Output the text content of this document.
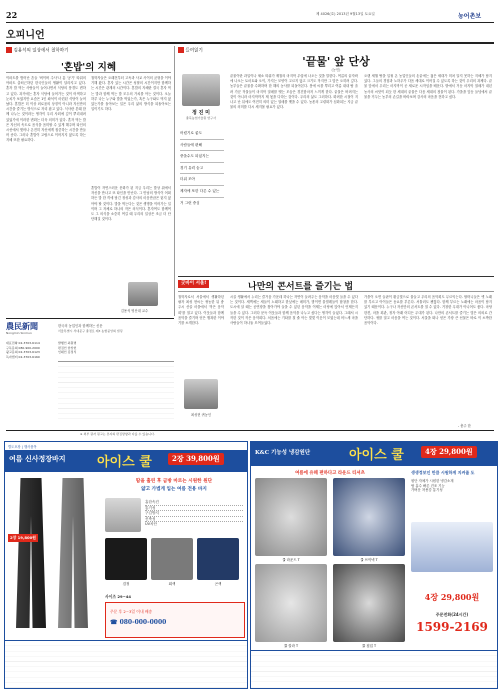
22	제 4026(호) 2013년 9월13일 토요일	농어촌보
오피니언
김용석의 일상에서 철학하기
'혼밥'의 지혜
이파트를 벗어난 흔들 '버이버 주사'나 흩 '공기' 따위의 아파트 출퇴근하던 한국인들의 생활이 달라지고 있다. 혼자 밥 먹는 사람들이 늘어나면서 식당의 풍경도 변하고 있다. 과거에는 혼자 식당에 들어가는 것이 어색하고 눈치가 보였지만 요즘은 1인 좌석이 마련된 식당이 늘어났다. 혼밥은 더 이상 외로움의 상징이 아니라 자신만의 시간을 즐기는 방식으로 자리 잡고 있다. 식사란 본래 함께 나누는 것이라는 생각이 우리 사회에 깊이 뿌리내려 있었기에 이러한 변화는 더욱 의미가 있다. 혼자 먹는 밥은 자신의 속도로 음식을 음미할 수 있게 해주며 타인의 시선에서 벗어나 온전히 자신에게 집중하는 시간을 만들어 준다. 그러나 혼밥이 고립으로 이어지지 않도록 하는 지혜 또한 필요하다.
철학자들은 오래전부터 고독과 사교 사이의 균형을 이야기해 왔다. 혼자 있는 시간은 성찰의 시간이지만 함께하는 시간은 관계의 시간이다. 혼밥의 지혜란 결국 혼자 먹는 밥과 함께 먹는 밥 모두의 가치를 아는 것이다. 오늘 하루 나는 누구와 밥을 먹었는가, 혹은 누구와도 먹지 않았는가를 돌아보는 일은 우리 삶의 방식을 되돌아보는 일이기도 하다.
혼밥이 자연스러운 문화가 된 지금 우리는 밥상 위에서 자신을 만나고 또 타인을 만난다. 그 만남의 방식이 어떠하든 밥 한 끼에 담긴 정성과 감사의 마음만큼은 잃지 않아야 할 것이다. 밥을 먹는다는 것은 생명을 이어가는 일이며 그 자체로 하나의 작은 의식이다. 혼자여도 함께여도 그 의식을 소중히 여길 때 우리의 일상은 조금 더 단단해질 것이다.
김용석 영산대 교수
들여읽기
'끝물' 앞 단상
(농민)
정 진 미
충북농업기술원 연구사
어렸기로 좋도
사람들에 편해
중을수도 되었지는
경기 유력 숨고
더위 모아
제자에 또한 다른 수 있는
거 그런 중심
끝물이란 과일이나 채소 따위가 제철의 마지막 무렵에 나오는 것을 말한다. 여름의 끝자락에 나오는 토마토와 오이, 가지는 모양이 고르지 않고 크기도 작지만 그 맛은 오히려 깊다. 농부들은 끝물을 수확하며 한 해의 농사를 되돌아본다. 봄에 씨를 뿌리고 여름 내내 땀 흘려 가꾼 작물들이 마지막 열매를 맺는 모습은 경건함마저 느끼게 한다. 끝물은 버려지는 것이 아니라 마지막까지 제 몫을 다하는 것이다. 우리의 삶도 그러하다. 화려한 시절이 지나고 난 뒤에도 여전히 의미 있는 열매를 맺을 수 있다. 농촌의 고령화가 심화되는 지금 끝물의 의미를 다시 새겨볼 필요가 있다.
오랜 세월 땅을 일궈 온 농업인들의 손끝에는 젊은 세대가 미처 알지 못하는 지혜가 담겨 있다. 그들의 경험과 노하우가 다음 세대로 이어질 수 있도록 하는 것이 우리의 과제다. 끝물 앞에서 우리는 마지막이 곧 새로운 시작임을 배운다. 밭에서 거둔 마지막 열매가 내년 농사의 씨앗이 되듯 한 세대의 끝물은 다음 세대의 첫물이 된다. 가을을 앞둔 들녘에서 끝물을 거두는 농부의 손길을 바라보며 감사의 마음을 전하고 싶다.
굿바이 서울!	나만의 콘서트를 즐기는 법
철학자로서 서울에서 생활하던 필자 최성 현씨는 귀농한 뒤 충주시 산골 마을에서 '작은 음악회'를 열고 있다. 이웃들과 함께 음악을 즐기며 얻은 행복한 이야기를 소개한다.
최성현 귀농인
시골 생활에서 누리는 즐거움 가운데 하나는 자연이 들려주는 음악을 마음껏 들을 수 있다는 것이다. 새벽에는 새들이 노래하고 한낮에는 매미가, 밤이면 풀벌레들이 합창을 한다. 도시에 살 때는 공연장을 찾아가야 들을 수 있던 음악을 이제는 마당에 앉아서 언제든지 들을 수 있다. 그러다 문득 이웃들과 함께 음악을 나누고 싶다는 생각이 들었다. 그래서 시작한 것이 작은 음악회다. 처음에는 기타를 칠 줄 아는 몇몇 이웃이 모였는데 어느새 마을 사람들이 하나둘 모여들었다.
가을이 오면 들판이 황금빛으로 물들고 우리의 음악회도 무르익는다. 할머니들은 옛 노래를 부르고 아이들은 동요를 부른다. 서툴러도 괜찮다. 함께 부르는 노래에는 마음이 담겨 있기 때문이다. 누구나 자신만의 콘서트를 열 수 있다. 거창한 무대가 아니어도 좋다. 마당 한켠, 마을 회관, 정자 아래 어디든 무대가 된다. 나만의 콘서트를 즐기는 법은 의외로 간단하다. 귀를 열고 마음을 여는 것이다. 서울을 떠나 얻은 가장 큰 선물은 바로 이 소박한 음악이다.
- 충주 한
農民新聞
Nongmin Sinmun
한국의 농업인과 함께하는 신문
서울특별시 서대문구 충정로 제3 농협중앙회 빌딩
대표전화 02-3703-6114
구독문의 080-900-2000
광고문의 02-3703-6123
독자센터 02-3703-6160
발행인 최원병
편집인 한상헌
인쇄인 김정식
※ 외부 필자 원고는 본지의 편집방향과 다를 수 있습니다.
별도포장 | 행사품목
여름 신사정장바지 아이스 쿨	2장 39,800원
2장 19,800원
땀을 흘린 후 금방 마르는 시원한 원단
얇고 가볍게 입는 여름 전용 바지
흡한속건
통기성
구김방지
신축성
UV차단
검정	회색	곤색
사이즈 29~44
주문 후 2~3일 이내 배송
☎ 080-000-0000
K&C 기능성 냉감원단	아이스 쿨	4장 29,800원
여름에 유해 편하다고 라운드 티셔츠
쿨 라운드 T	쿨 브이넥 T
쿨 칼라 T	쿨 집업 T
생생정보인 만큼 시원하게 지켜줄 도
원단 자체가 시원한 냉감소재
땀 흡수 빠른 건조 기능
가벼운 착용감 통기성
4장 29,800원
주문전화(24시간)
1599-2169
